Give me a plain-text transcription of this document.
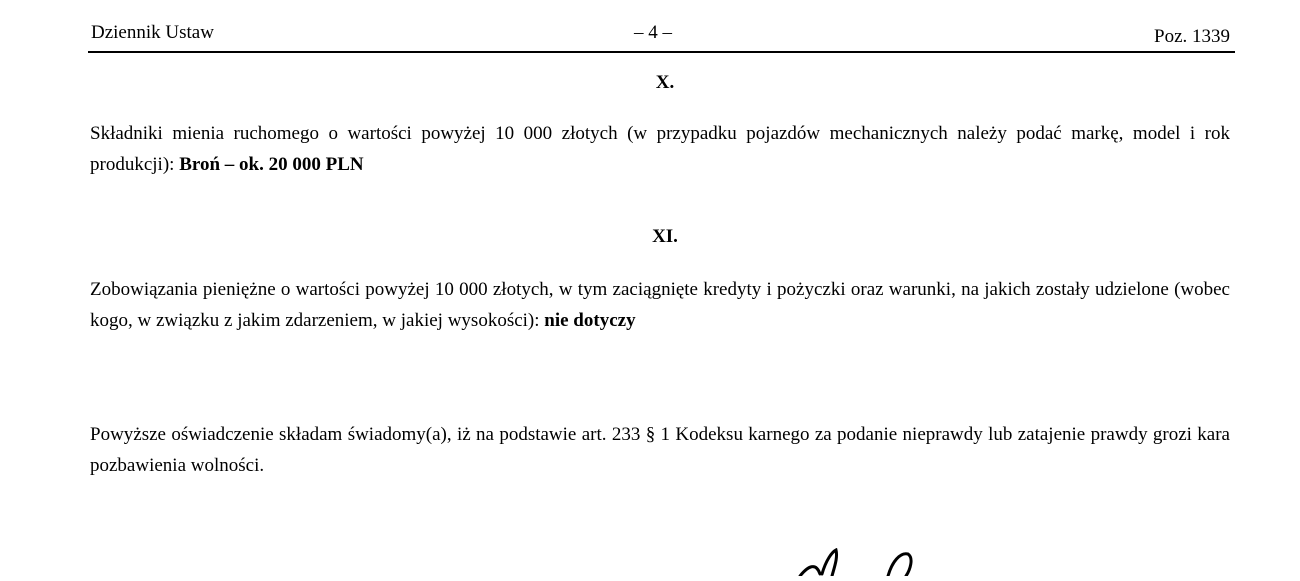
Dziennik Ustaw	– 4 –	Poz. 1339
X.
Składniki mienia ruchomego o wartości powyżej 10 000 złotych (w przypadku pojazdów mechanicznych należy podać markę, model i rok produkcji): Broń – ok. 20 000 PLN
XI.
Zobowiązania pieniężne o wartości powyżej 10 000 złotych, w tym zaciągnięte kredyty i pożyczki oraz warunki, na jakich zostały udzielone (wobec kogo, w związku z jakim zdarzeniem, w jakiej wysokości): nie dotyczy
Powyższe oświadczenie składam świadomy(a), iż na podstawie art. 233 § 1 Kodeksu karnego za podanie nieprawdy lub zatajenie prawdy grozi kara pozbawienia wolności.
